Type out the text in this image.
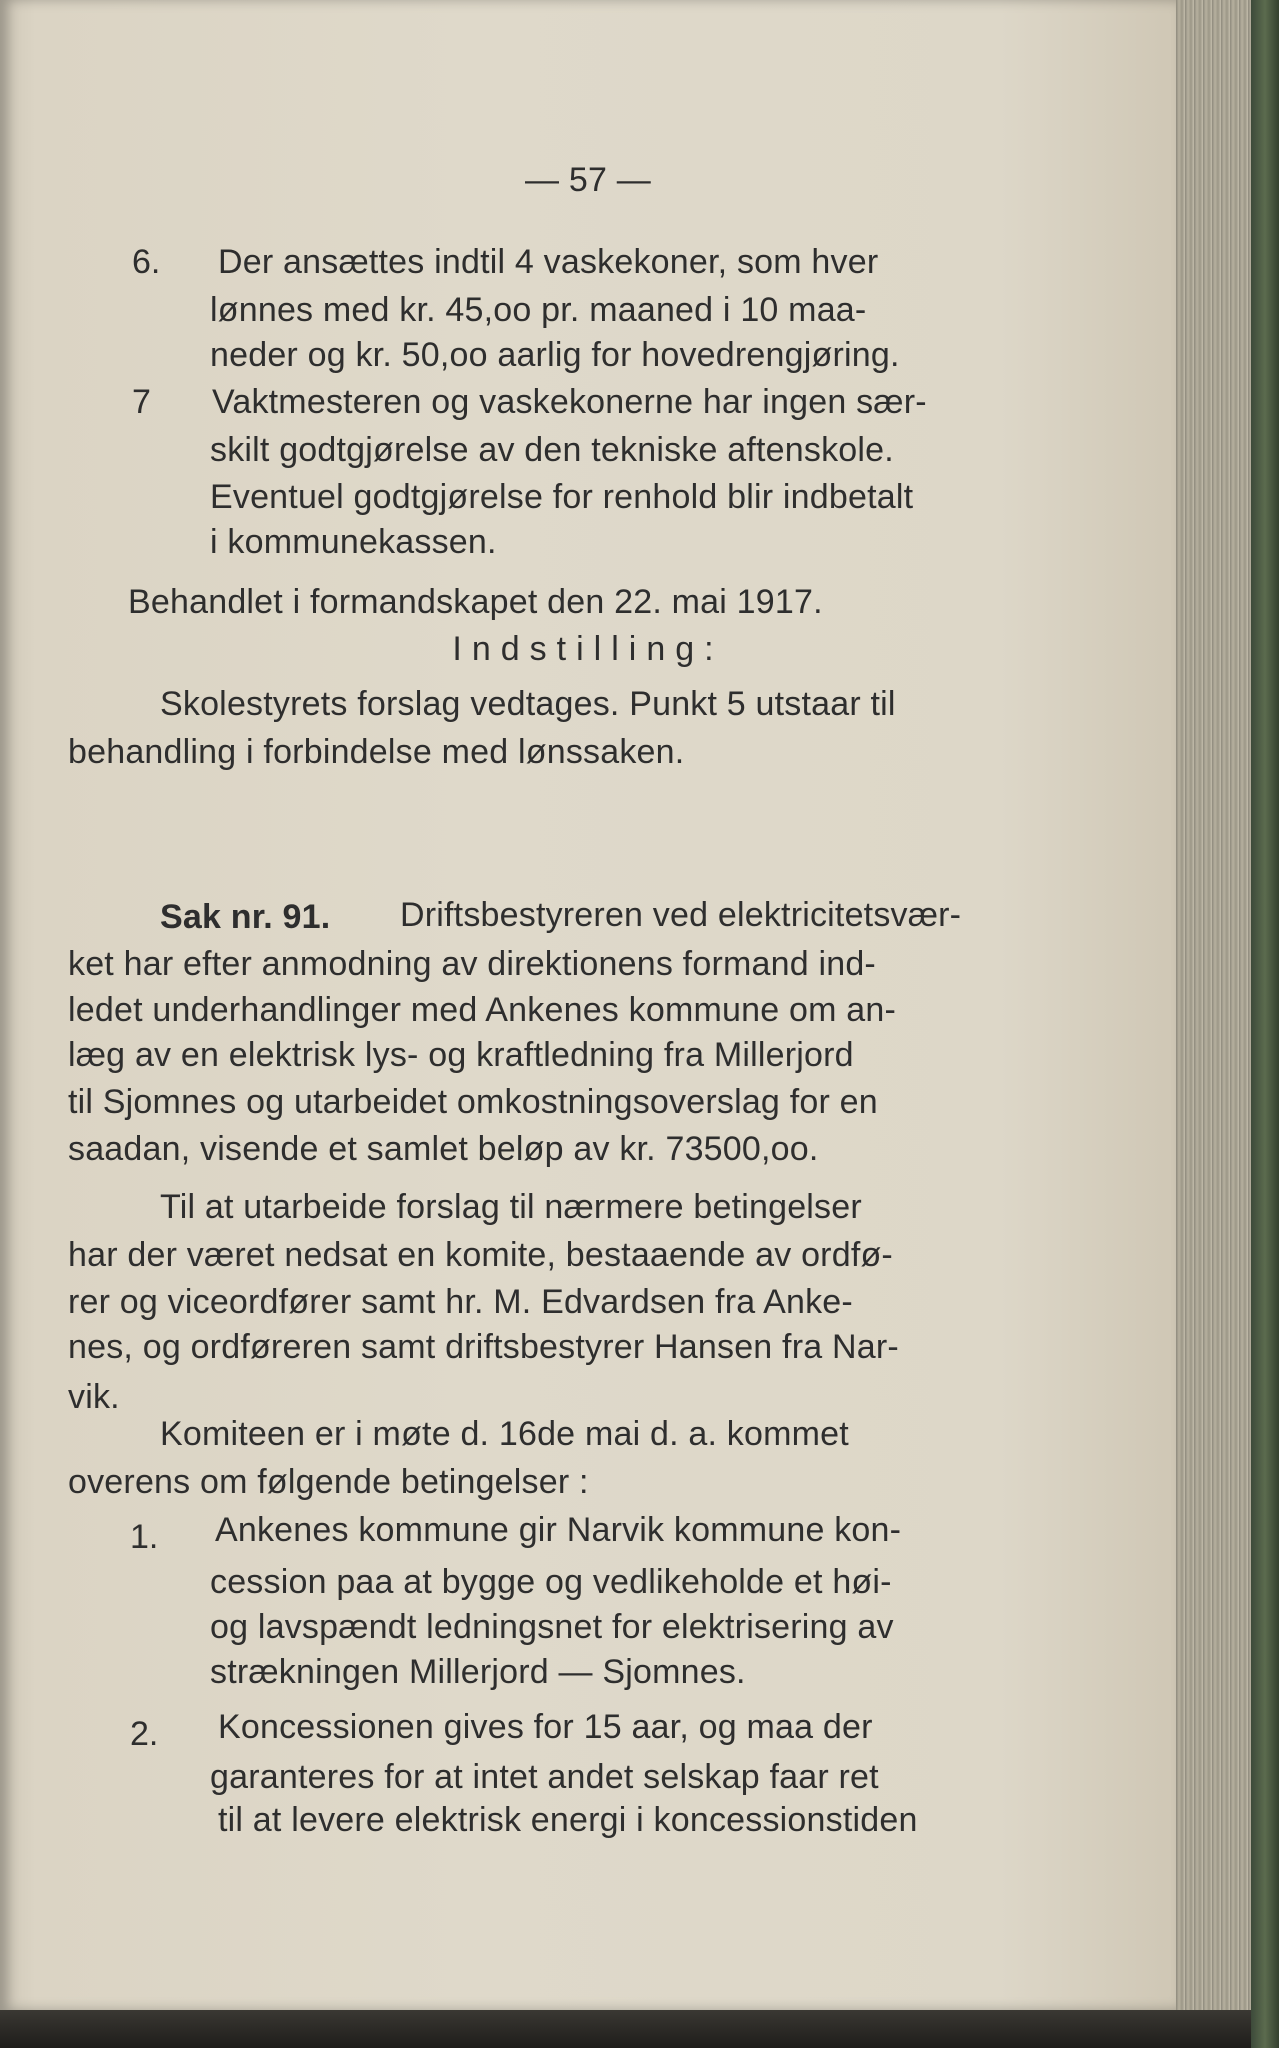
— 57 —
6. Der ansættes indtil 4 vaskekoner, som hver
lønnes med kr. 45,oo pr. maaned i 10 maa-
neder og kr. 50,oo aarlig for hovedrengjøring.
7 Vaktmesteren og vaskekonerne har ingen sær-
skilt godtgjørelse av den tekniske aftenskole.
Eventuel godtgjørelse for renhold blir indbetalt
i kommunekassen.
Behandlet i formandskapet den 22. mai 1917.
Indstilling:
Skolestyrets forslag vedtages. Punkt 5 utstaar til
behandling i forbindelse med lønssaken.
Sak nr. 91. Driftsbestyreren ved elektricitetsvær-
ket har efter anmodning av direktionens formand ind-
ledet underhandlinger med Ankenes kommune om an-
læg av en elektrisk lys- og kraftledning fra Millerjord
til Sjomnes og utarbeidet omkostningsoverslag for en
saadan, visende et samlet beløp av kr. 73500,oo.
Til at utarbeide forslag til nærmere betingelser
har der været nedsat en komite, bestaaende av ordfø-
rer og viceordfører samt hr. M. Edvardsen fra Anke-
nes, og ordføreren samt driftsbestyrer Hansen fra Nar-
vik.
Komiteen er i møte d. 16de mai d. a. kommet
overens om følgende betingelser :
1. Ankenes kommune gir Narvik kommune kon-
cession paa at bygge og vedlikeholde et høi-
og lavspændt ledningsnet for elektrisering av
strækningen Millerjord — Sjomnes.
2. Koncessionen gives for 15 aar, og maa der
garanteres for at intet andet selskap faar ret
til at levere elektrisk energi i koncessionstiden
